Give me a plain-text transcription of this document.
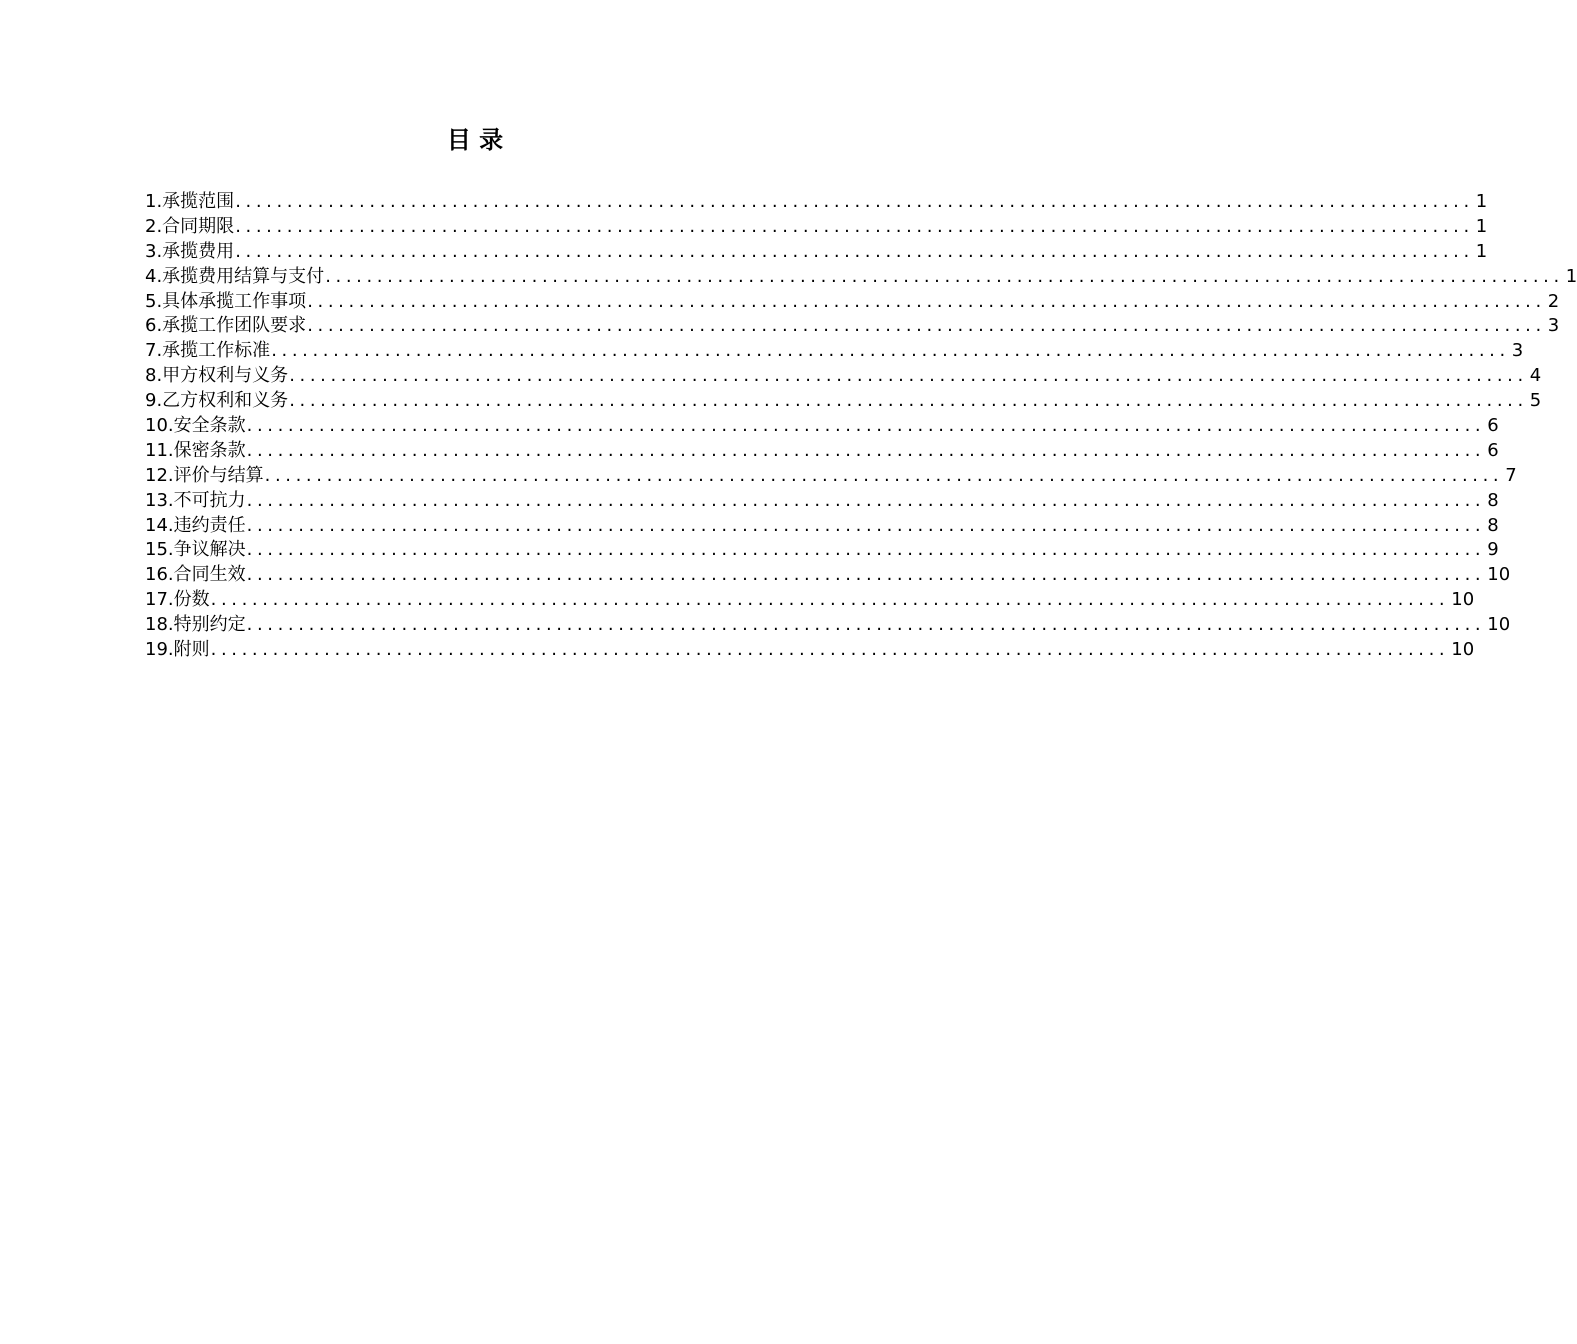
目 录
1.承揽范围 ........................................................................................................................ 1
2.合同期限 ........................................................................................................................ 1
3.承揽费用 ........................................................................................................................ 1
4.承揽费用结算与支付 ........................................................................................................................ 1
5.具体承揽工作事项 ........................................................................................................................ 2
6.承揽工作团队要求 ........................................................................................................................ 3
7.承揽工作标准 ........................................................................................................................ 3
8.甲方权利与义务 ........................................................................................................................ 4
9.乙方权利和义务 ........................................................................................................................ 5
10.安全条款 ........................................................................................................................ 6
11.保密条款 ........................................................................................................................ 6
12.评价与结算 ........................................................................................................................ 7
13.不可抗力 ........................................................................................................................ 8
14.违约责任 ........................................................................................................................ 8
15.争议解决 ........................................................................................................................ 9
16.合同生效 ........................................................................................................................ 10
17.份数 ........................................................................................................................ 10
18.特别约定 ........................................................................................................................ 10
19.附则 ........................................................................................................................ 10
